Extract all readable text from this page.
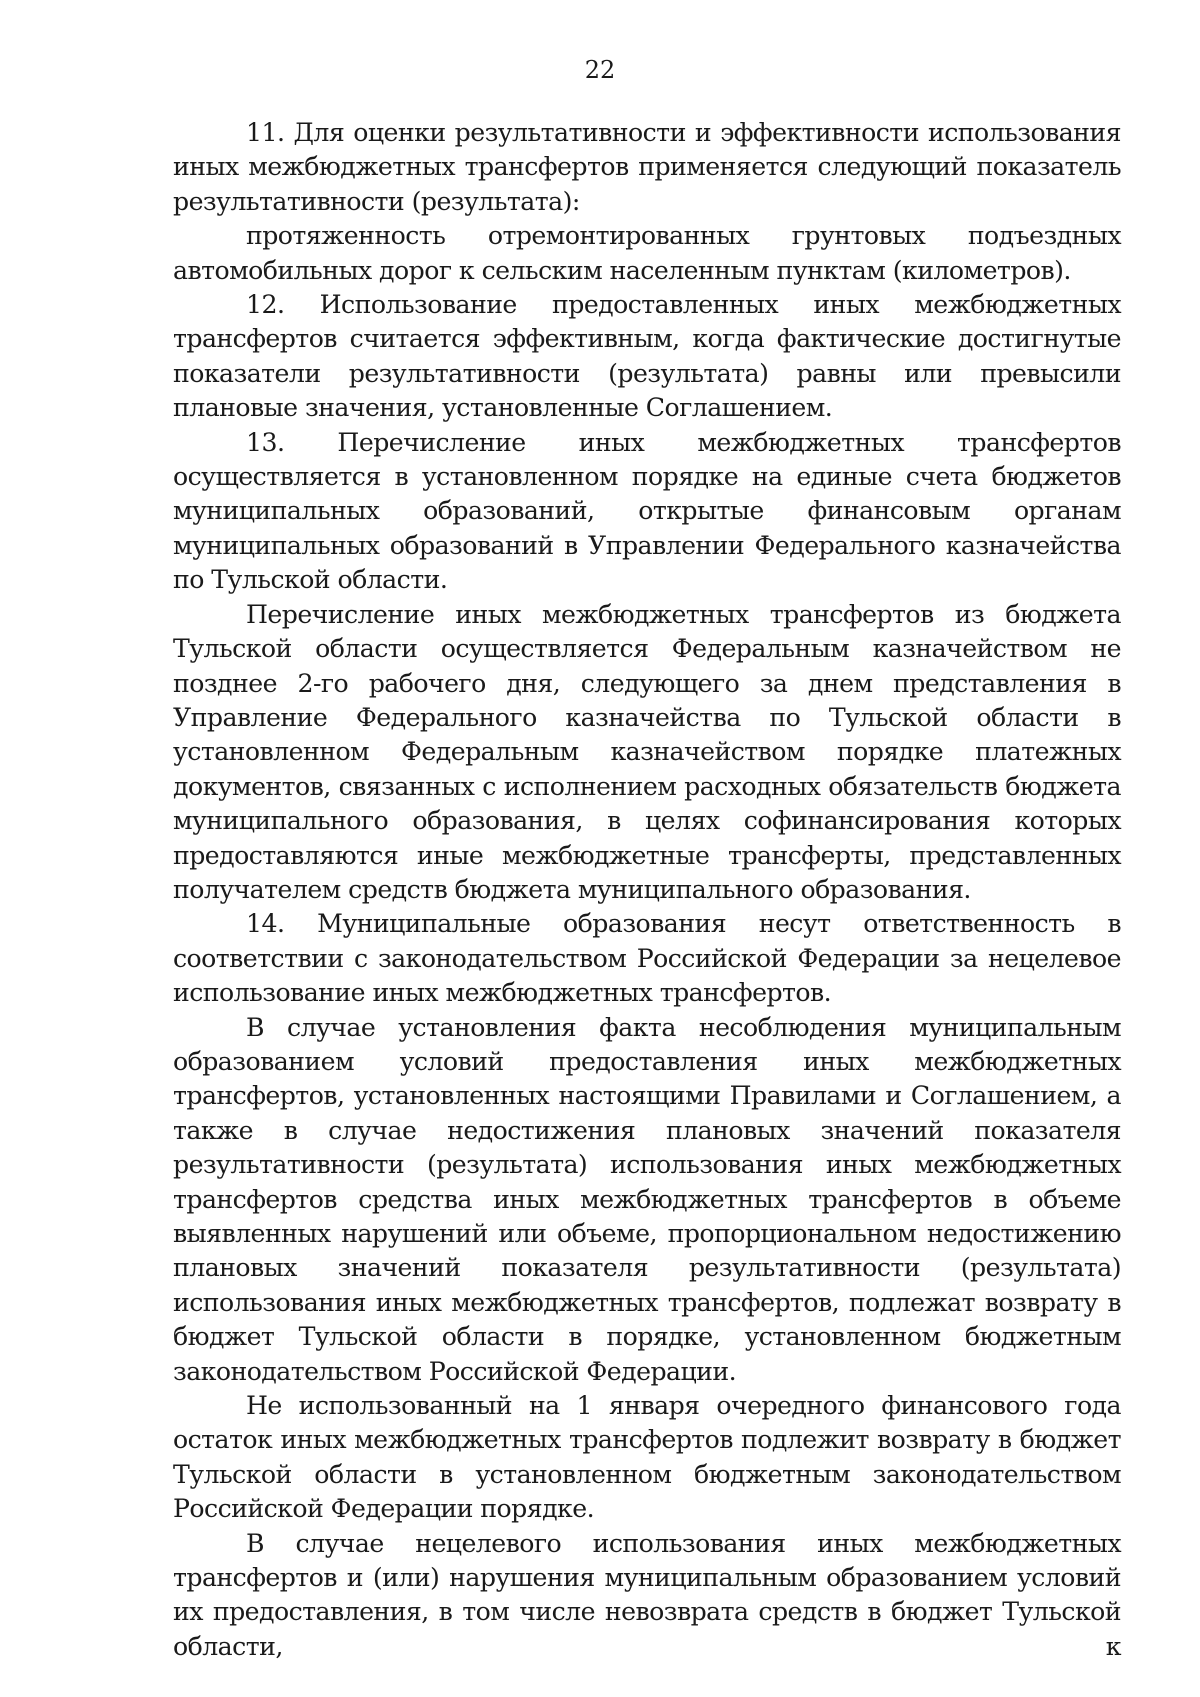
22

11. Для оценки результативности и эффективности использования иных межбюджетных трансфертов применяется следующий показатель результативности (результата):

протяженность отремонтированных грунтовых подъездных автомобильных дорог к сельским населенным пунктам (километров).

12. Использование предоставленных иных межбюджетных трансфертов считается эффективным, когда фактические достигнутые показатели результативности (результата) равны или превысили плановые значения, установленные Соглашением.

13. Перечисление иных межбюджетных трансфертов осуществляется в установленном порядке на единые счета бюджетов муниципальных образований, открытые финансовым органам муниципальных образований в Управлении Федерального казначейства по Тульской области.

Перечисление иных межбюджетных трансфертов из бюджета Тульской области осуществляется Федеральным казначейством не позднее 2-го рабочего дня, следующего за днем представления в Управление Федерального казначейства по Тульской области в установленном Федеральным казначейством порядке платежных документов, связанных с исполнением расходных обязательств бюджета муниципального образования, в целях софинансирования которых предоставляются иные межбюджетные трансферты, представленных получателем средств бюджета муниципального образования.

14. Муниципальные образования несут ответственность в соответствии с законодательством Российской Федерации за нецелевое использование иных межбюджетных трансфертов.

В случае установления факта несоблюдения муниципальным образованием условий предоставления иных межбюджетных трансфертов, установленных настоящими Правилами и Соглашением, а также в случае недостижения плановых значений показателя результативности (результата) использования иных межбюджетных трансфертов средства иных межбюджетных трансфертов в объеме выявленных нарушений или объеме, пропорциональном недостижению плановых значений показателя результативности (результата) использования иных межбюджетных трансфертов, подлежат возврату в бюджет Тульской области в порядке, установленном бюджетным законодательством Российской Федерации.

Не использованный на 1 января очередного финансового года остаток иных межбюджетных трансфертов подлежит возврату в бюджет Тульской области в установленном бюджетным законодательством Российской Федерации порядке.

В случае нецелевого использования иных межбюджетных трансфертов и (или) нарушения муниципальным образованием условий их предоставления, в том числе невозврата средств в бюджет Тульской области, к
